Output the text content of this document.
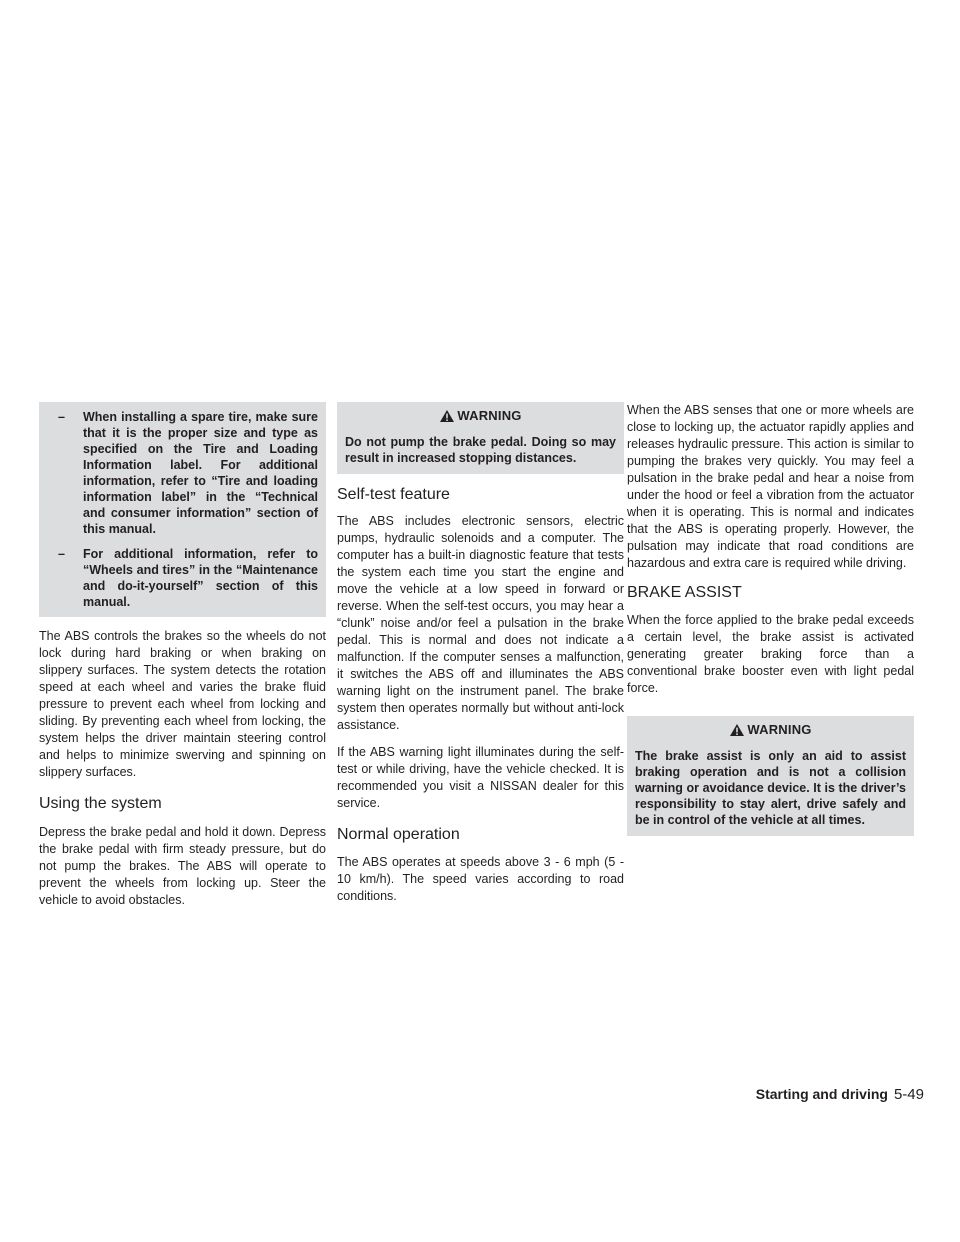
– When installing a spare tire, make sure that it is the proper size and type as specified on the Tire and Loading Information label. For additional information, refer to “Tire and loading information label” in the “Technical and consumer information” section of this manual.
– For additional information, refer to “Wheels and tires” in the “Maintenance and do-it-yourself” section of this manual.

The ABS controls the brakes so the wheels do not lock during hard braking or when braking on slippery surfaces. The system detects the rotation speed at each wheel and varies the brake fluid pressure to prevent each wheel from locking and sliding. By preventing each wheel from locking, the system helps the driver maintain steering control and helps to minimize swerving and spinning on slippery surfaces.

Using the system

Depress the brake pedal and hold it down. Depress the brake pedal with firm steady pressure, but do not pump the brakes. The ABS will operate to prevent the wheels from locking up. Steer the vehicle to avoid obstacles.

WARNING
Do not pump the brake pedal. Doing so may result in increased stopping distances.
Self-test feature

The ABS includes electronic sensors, electric pumps, hydraulic solenoids and a computer. The computer has a built-in diagnostic feature that tests the system each time you start the engine and move the vehicle at a low speed in forward or reverse. When the self-test occurs, you may hear a “clunk” noise and/or feel a pulsation in the brake pedal. This is normal and does not indicate a malfunction. If the computer senses a malfunction, it switches the ABS off and illuminates the ABS warning light on the instrument panel. The brake system then operates normally but without anti-lock assistance.

If the ABS warning light illuminates during the self-test or while driving, have the vehicle checked. It is recommended you visit a NISSAN dealer for this service.

Normal operation

The ABS operates at speeds above 3 - 6 mph (5 - 10 km/h). The speed varies according to road conditions.

When the ABS senses that one or more wheels are close to locking up, the actuator rapidly applies and releases hydraulic pressure. This action is similar to pumping the brakes very quickly. You may feel a pulsation in the brake pedal and hear a noise from under the hood or feel a vibration from the actuator when it is operating. This is normal and indicates that the ABS is operating properly. However, the pulsation may indicate that road conditions are hazardous and extra care is required while driving.

BRAKE ASSIST

When the force applied to the brake pedal exceeds a certain level, the brake assist is activated generating greater braking force than a conventional brake booster even with light pedal force.

WARNING
The brake assist is only an aid to assist braking operation and is not a collision warning or avoidance device. It is the driver’s responsibility to stay alert, drive safely and be in control of the vehicle at all times.
Starting and driving 5-49
